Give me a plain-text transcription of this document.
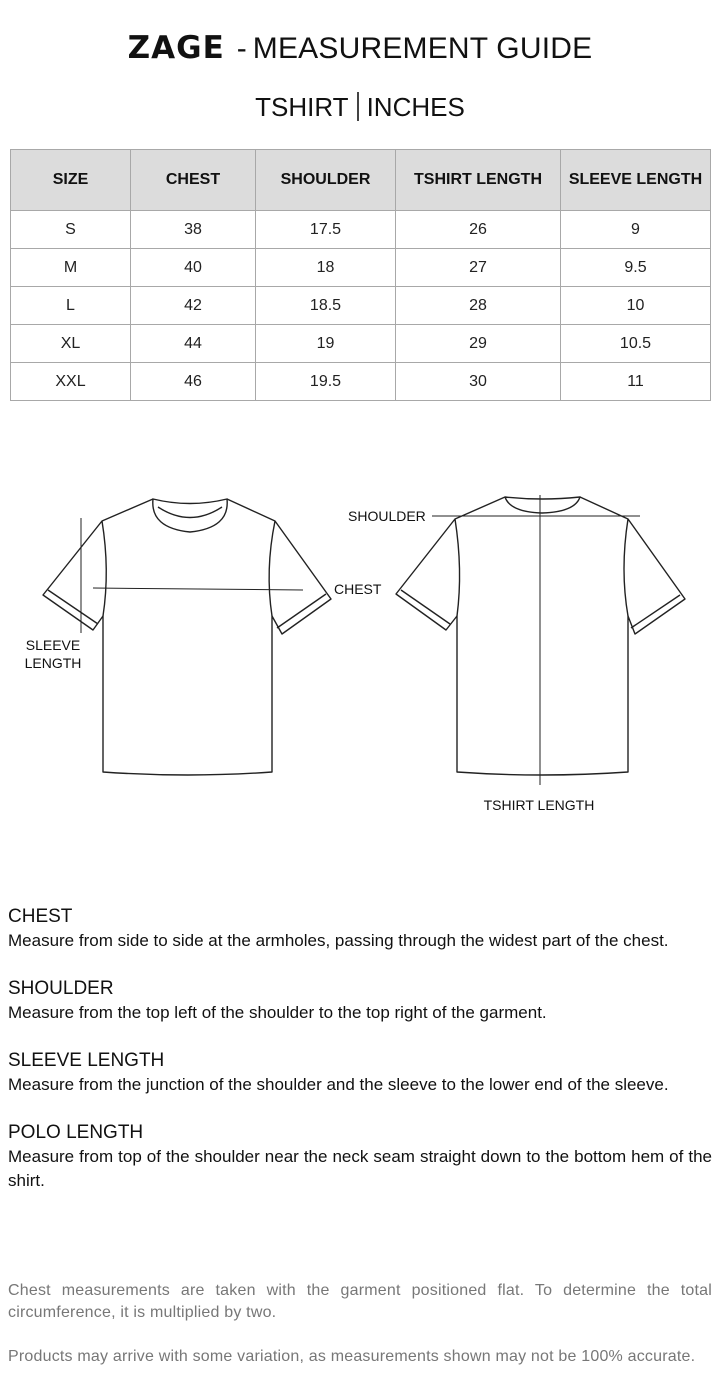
ZAGE - MEASUREMENT GUIDE
TSHIRT INCHES
SIZE	CHEST	SHOULDER	TSHIRT LENGTH	SLEEVE LENGTH
S	38	17.5	26	9
M	40	18	27	9.5
L	42	18.5	28	10
XL	44	19	29	10.5
XXL	46	19.5	30	11
SLEEVE
LENGTH
CHEST
SHOULDER
TSHIRT LENGTH
CHEST
Measure from side to side at the armholes, passing through the widest part of the chest.
SHOULDER
Measure from the top left of the shoulder to the top right of the garment.
SLEEVE LENGTH
Measure from the junction of the shoulder and the sleeve to the lower end of the sleeve.
POLO LENGTH
Measure from top of the shoulder near the neck seam straight down to the bottom hem of the shirt.

Chest measurements are taken with the garment positioned flat. To determine the total circumference, it is multiplied by two.

Products may arrive with some variation, as measurements shown may not be 100% accurate.
